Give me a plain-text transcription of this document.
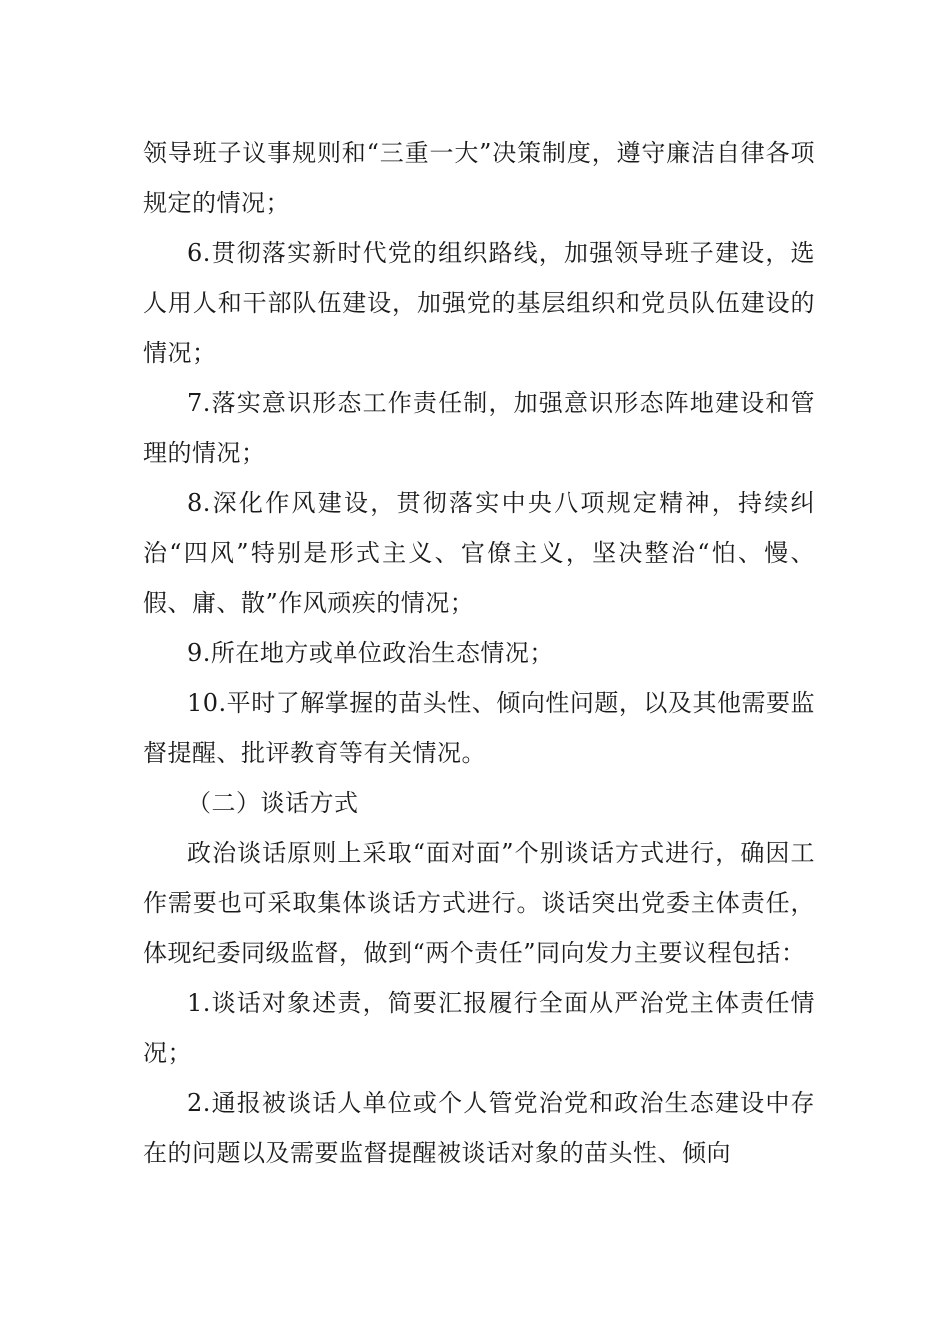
领导班子议事规则和“三重一大”决策制度，遵守廉洁自律各项规定的情况；

6.贯彻落实新时代党的组织路线，加强领导班子建设，选人用人和干部队伍建设，加强党的基层组织和党员队伍建设的情况；

7.落实意识形态工作责任制，加强意识形态阵地建设和管理的情况；

8.深化作风建设，贯彻落实中央八项规定精神，持续纠治“四风”特别是形式主义、官僚主义，坚决整治“怕、慢、假、庸、散”作风顽疾的情况；

9.所在地方或单位政治生态情况；

10.平时了解掌握的苗头性、倾向性问题，以及其他需要监督提醒、批评教育等有关情况。

（二）谈话方式

政治谈话原则上采取“面对面”个别谈话方式进行，确因工作需要也可采取集体谈话方式进行。谈话突出党委主体责任，体现纪委同级监督，做到“两个责任”同向发力主要议程包括：

1.谈话对象述责，简要汇报履行全面从严治党主体责任情况；

2.通报被谈话人单位或个人管党治党和政治生态建设中存在的问题以及需要监督提醒被谈话对象的苗头性、倾向
